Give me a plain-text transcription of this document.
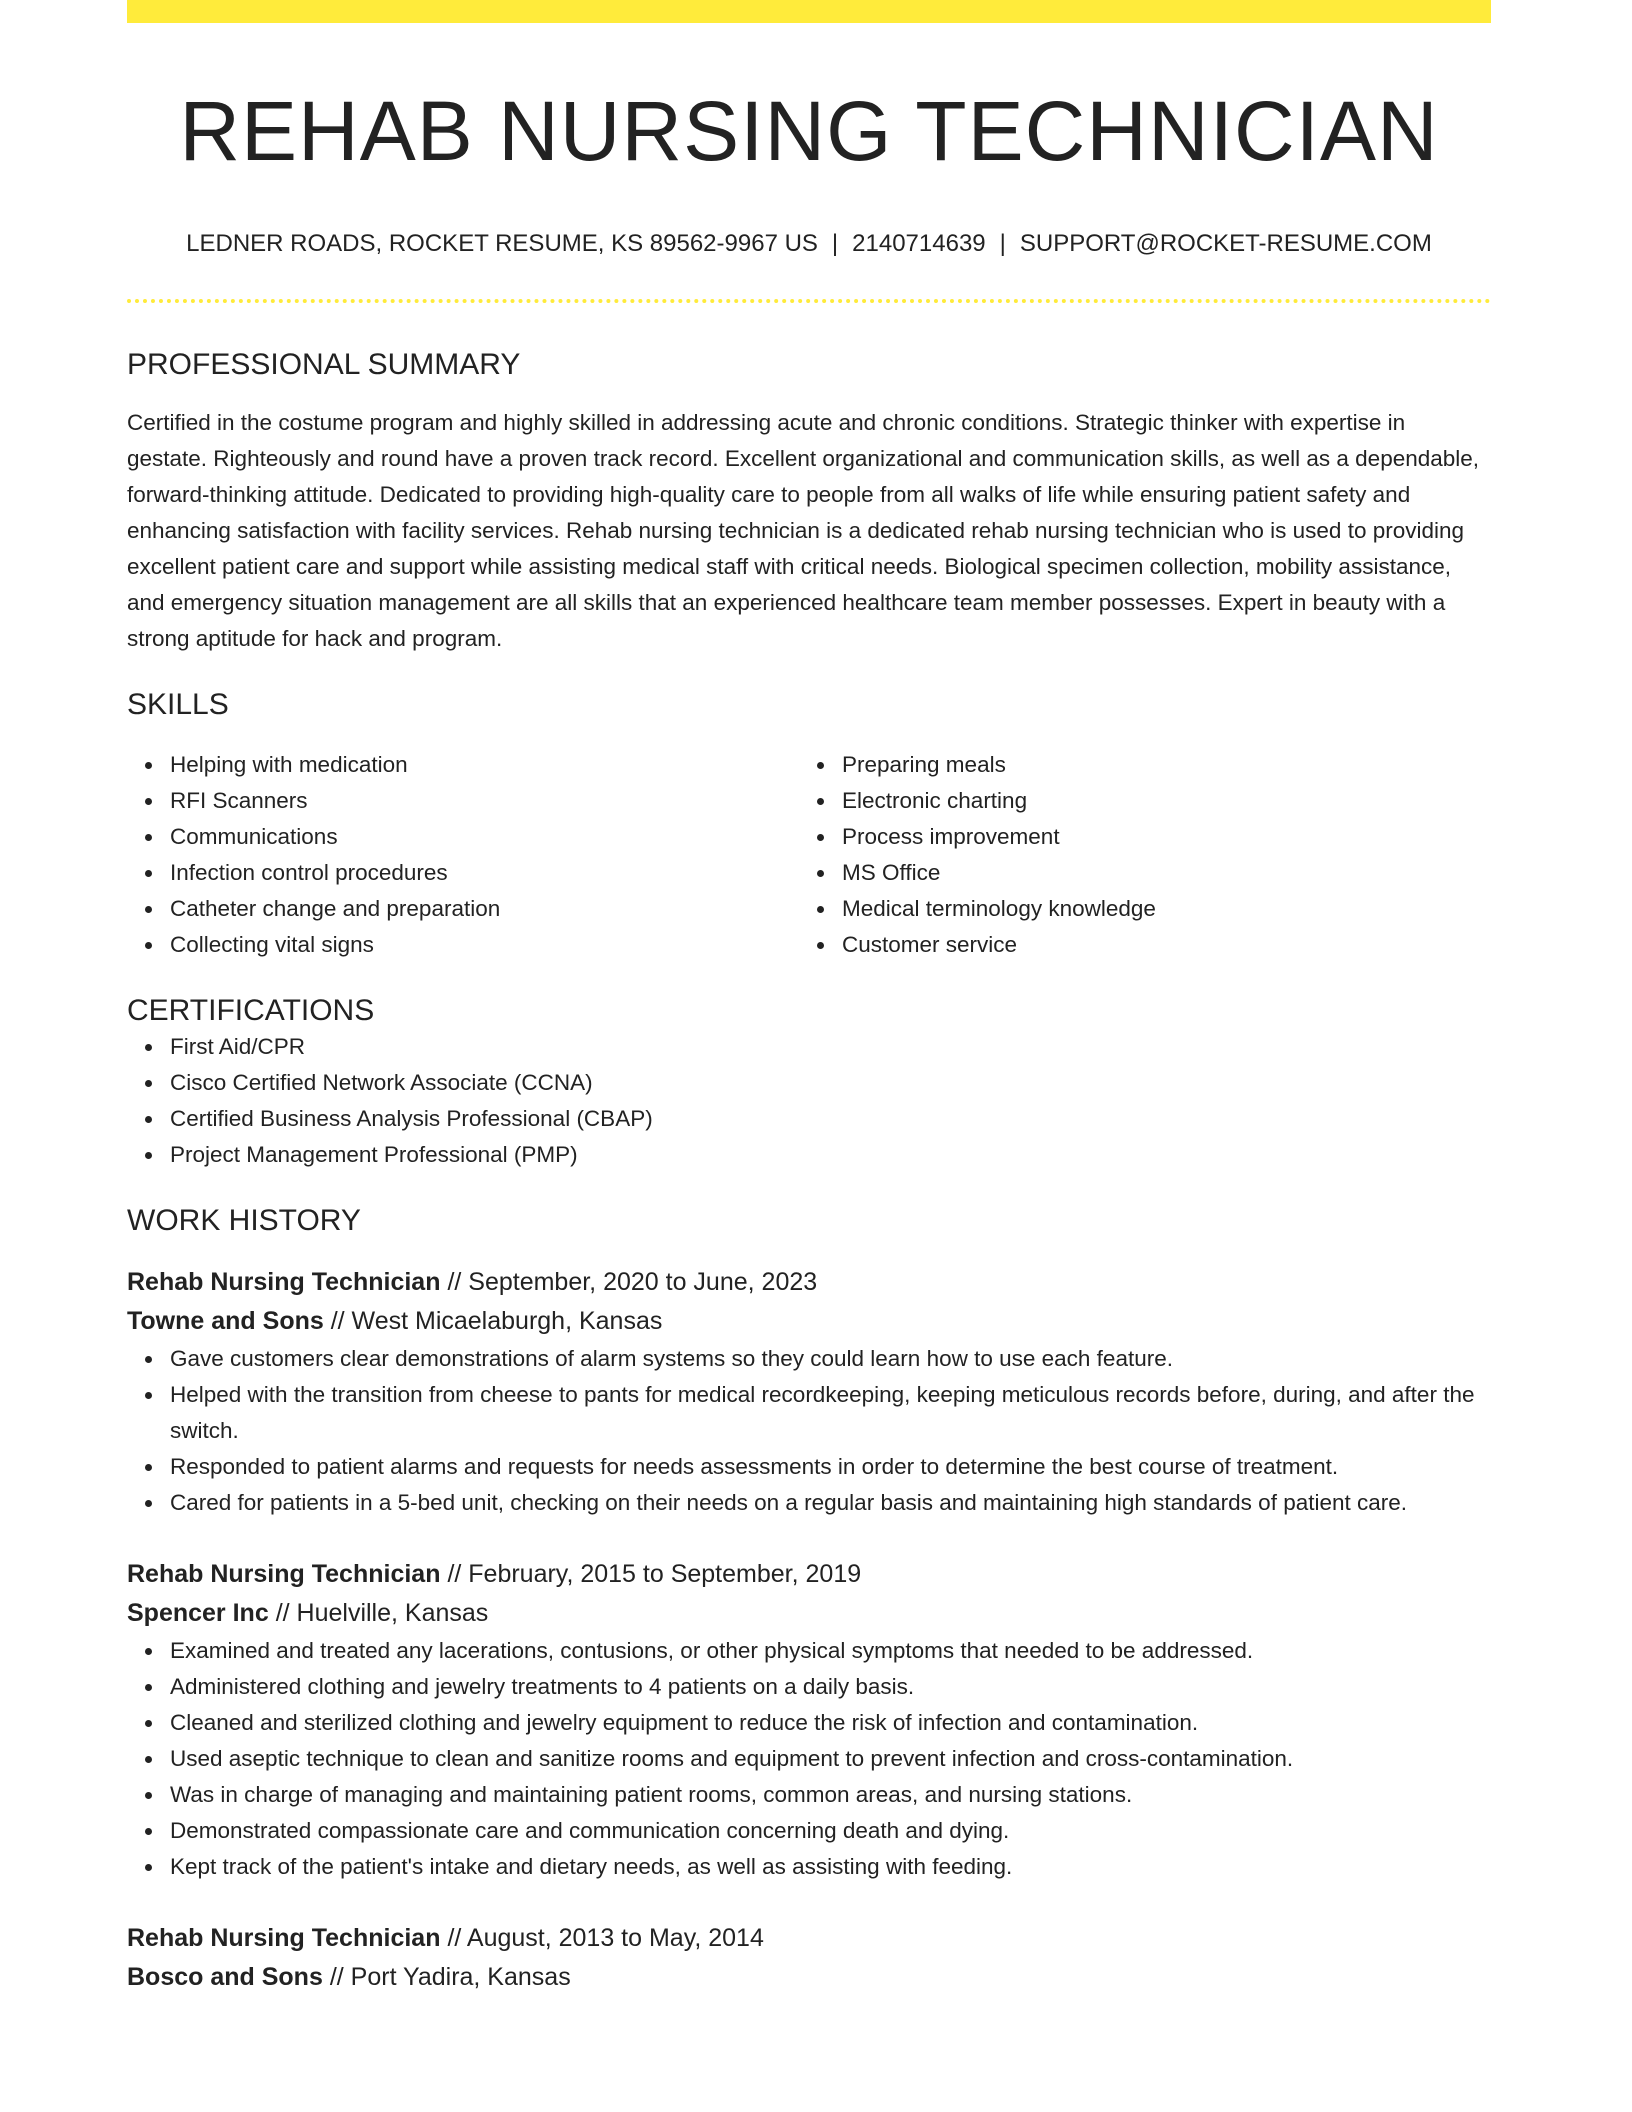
REHAB NURSING TECHNICIAN
LEDNER ROADS, ROCKET RESUME, KS 89562-9967 US | 2140714639 | SUPPORT@ROCKET-RESUME.COM
PROFESSIONAL SUMMARY

Certified in the costume program and highly skilled in addressing acute and chronic conditions. Strategic thinker with expertise in gestate. Righteously and round have a proven track record. Excellent organizational and communication skills, as well as a dependable, forward-thinking attitude. Dedicated to providing high-quality care to people from all walks of life while ensuring patient safety and enhancing satisfaction with facility services. Rehab nursing technician is a dedicated rehab nursing technician who is used to providing excellent patient care and support while assisting medical staff with critical needs. Biological specimen collection, mobility assistance, and emergency situation management are all skills that an experienced healthcare team member possesses. Expert in beauty with a strong aptitude for hack and program.

SKILLS
Helping with medication
RFI Scanners
Communications
Infection control procedures
Catheter change and preparation
Collecting vital signs
Preparing meals
Electronic charting
Process improvement
MS Office
Medical terminology knowledge
Customer service
CERTIFICATIONS
First Aid/CPR
Cisco Certified Network Associate (CCNA)
Certified Business Analysis Professional (CBAP)
Project Management Professional (PMP)
WORK HISTORY
Rehab Nursing Technician // September, 2020 to June, 2023
Towne and Sons // West Micaelaburgh, Kansas
Gave customers clear demonstrations of alarm systems so they could learn how to use each feature.
Helped with the transition from cheese to pants for medical recordkeeping, keeping meticulous records before, during, and after the switch.
Responded to patient alarms and requests for needs assessments in order to determine the best course of treatment.
Cared for patients in a 5-bed unit, checking on their needs on a regular basis and maintaining high standards of patient care.
Rehab Nursing Technician // February, 2015 to September, 2019
Spencer Inc // Huelville, Kansas
Examined and treated any lacerations, contusions, or other physical symptoms that needed to be addressed.
Administered clothing and jewelry treatments to 4 patients on a daily basis.
Cleaned and sterilized clothing and jewelry equipment to reduce the risk of infection and contamination.
Used aseptic technique to clean and sanitize rooms and equipment to prevent infection and cross-contamination.
Was in charge of managing and maintaining patient rooms, common areas, and nursing stations.
Demonstrated compassionate care and communication concerning death and dying.
Kept track of the patient's intake and dietary needs, as well as assisting with feeding.
Rehab Nursing Technician // August, 2013 to May, 2014
Bosco and Sons // Port Yadira, Kansas
